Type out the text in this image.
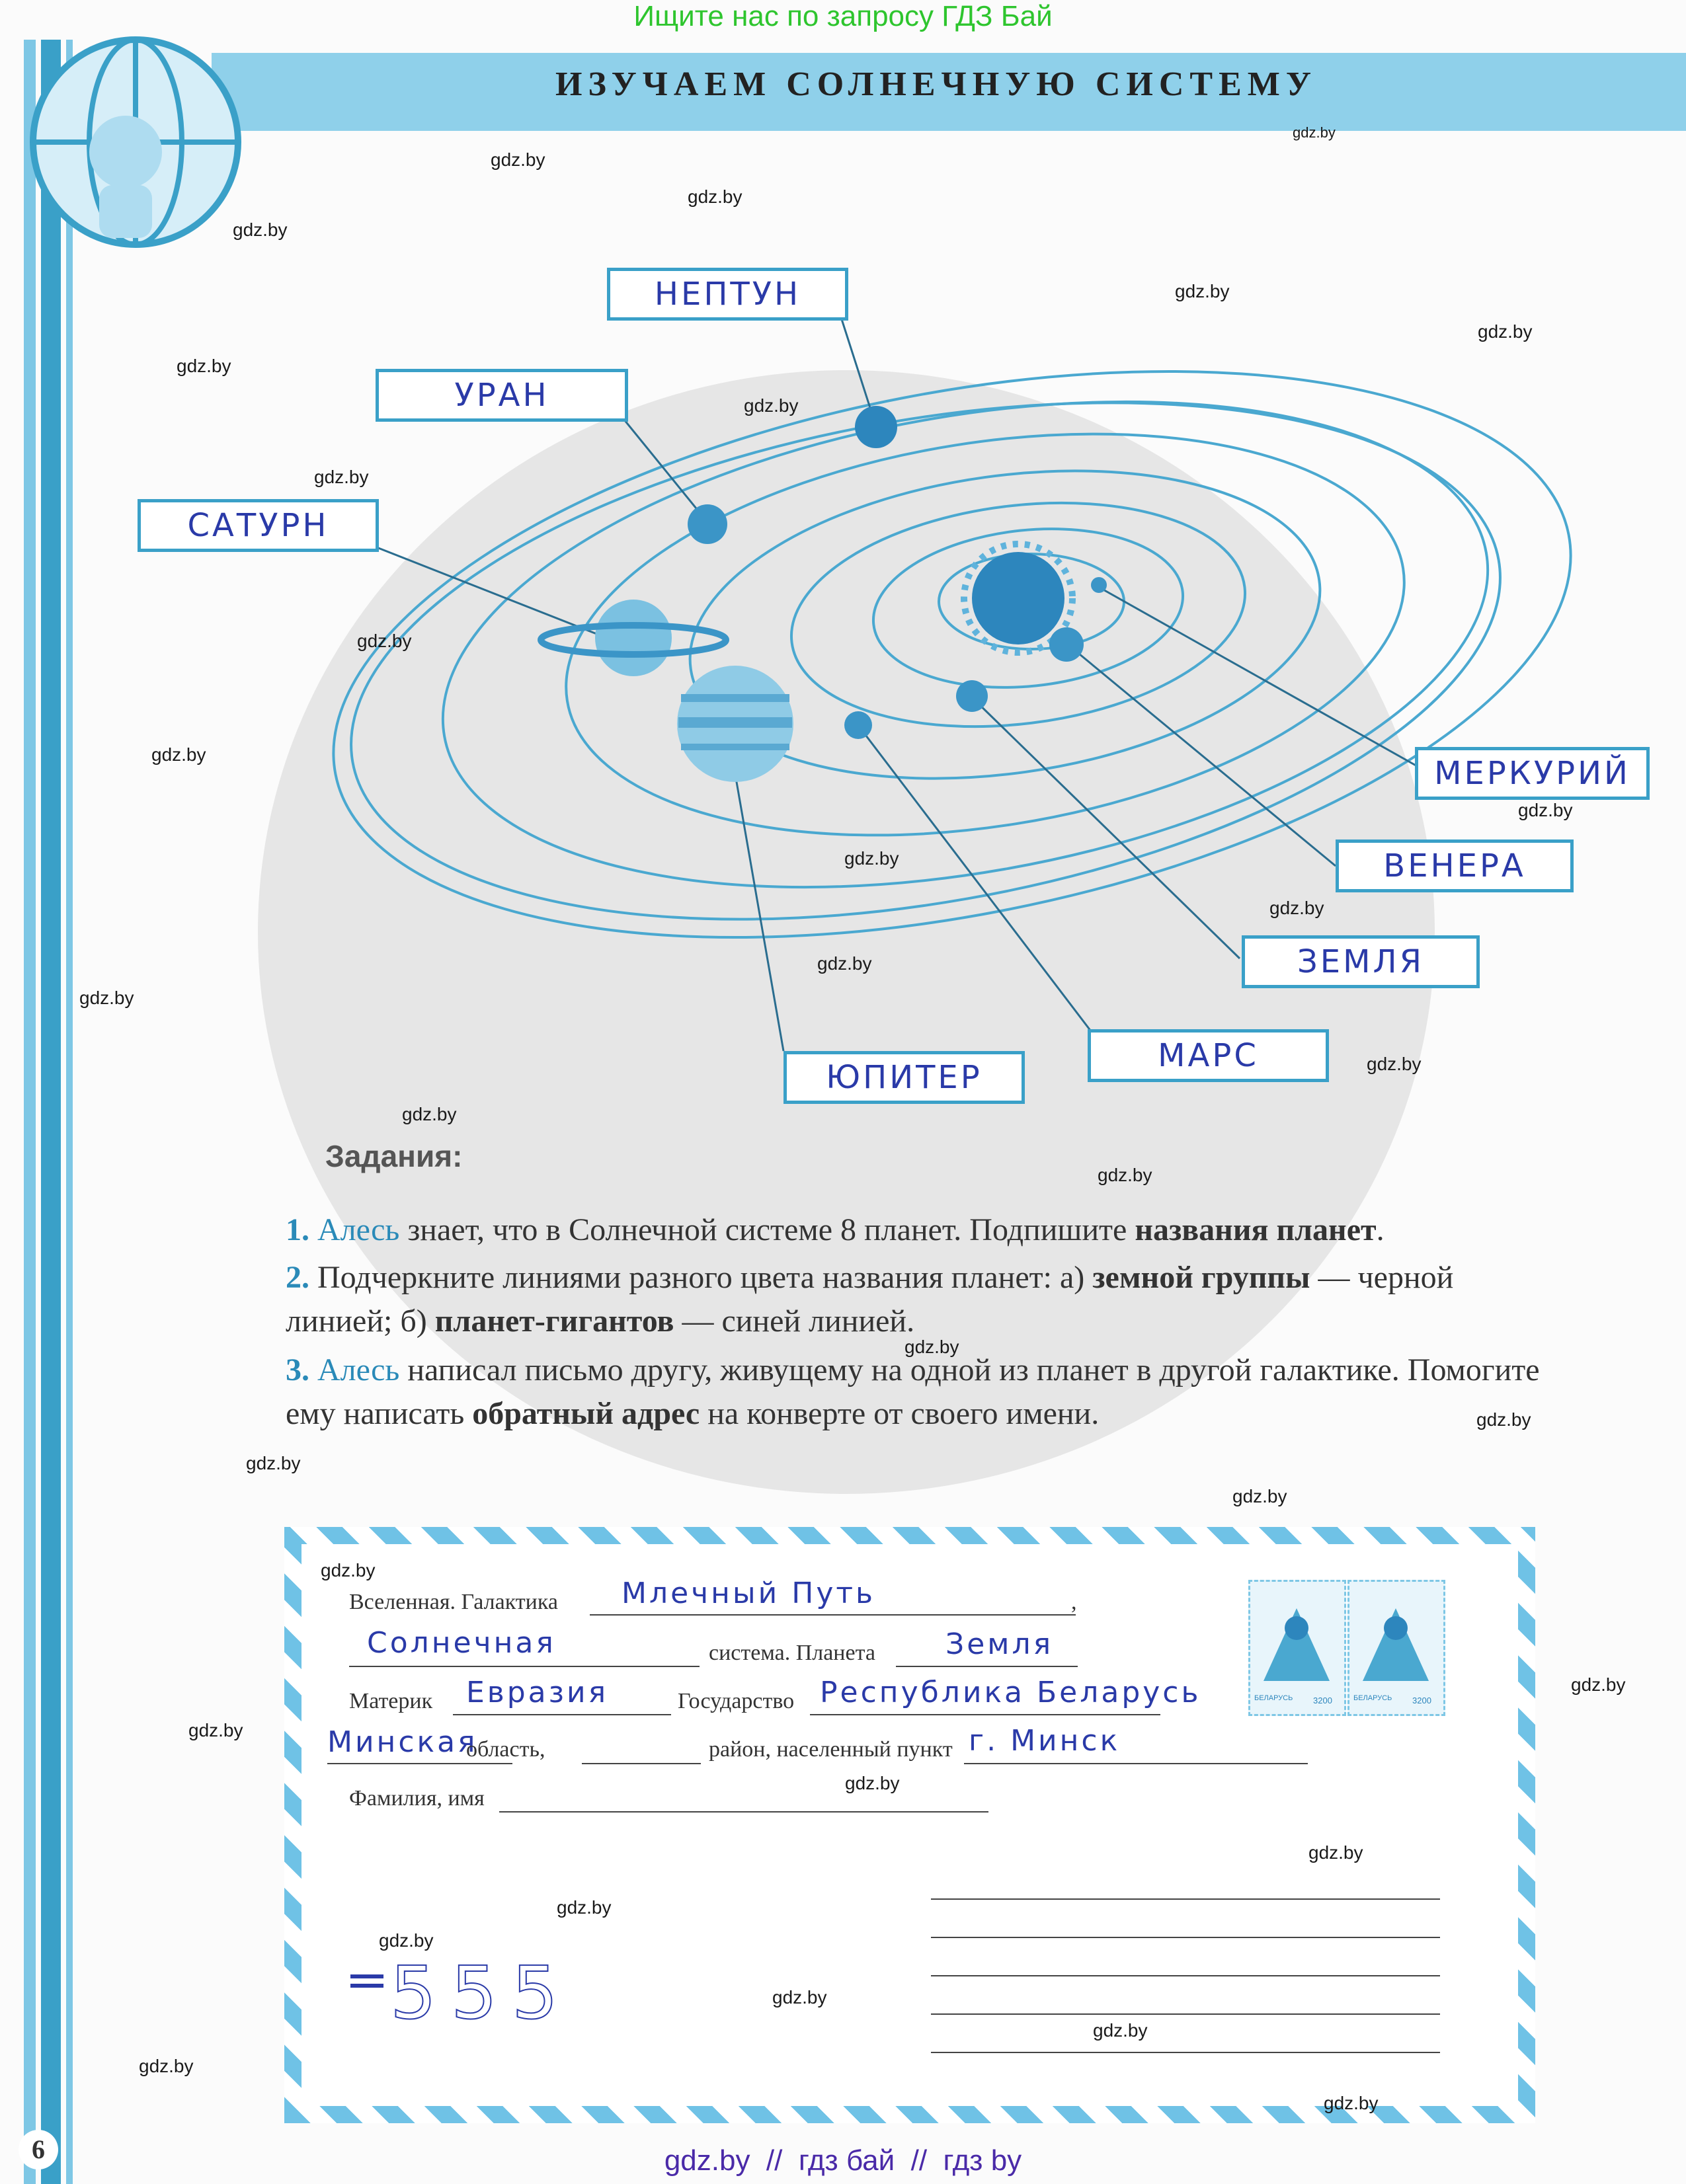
Ищите нас по запросу ГДЗ Бай
ИЗУЧАЕМ СОЛНЕЧНУЮ СИСТЕМУ
НЕПТУН
УРАН
САТУРН
МЕРКУРИЙ
ВЕНЕРА
ЗЕМЛЯ
МАРС
ЮПИТЕР
Задания:
1. Алесь знает, что в Солнечной системе 8 планет. Подпишите названия планет.
2. Подчеркните линиями разного цвета названия планет: а) земной группы — черной линией; б) планет-гигантов — синей линией.
3. Алесь написал письмо другу, живущему на одной из планет в другой галактике. Помогите ему написать обратный адрес на конверте от своего имени.
БЕЛАРУСЬ 3200	БЕЛАРУСЬ 3200
Вселенная. Галактика Млечный Путь	,
Солнечная	система. Планета Земля
Материк Евразия	Государство Республика Беларусь
Минская
область,	район, населенный пункт г. Минск
Фамилия, имя
555
6
gdz.by
gdz.by
gdz.by
gdz.by
gdz.by
gdz.by
gdz.by
gdz.by
gdz.by
gdz.by
gdz.by
gdz.by
gdz.by
gdz.by
gdz.by
gdz.by
gdz.by
gdz.by
gdz.by
gdz.by
gdz.by
gdz.by
gdz.by
gdz.by
gdz.by
gdz.by
gdz.by
gdz.by
gdz.by
gdz.by
gdz.by
gdz.by
gdz.by
gdz.by
gdz.by  //  гдз бай  //  гдз by
